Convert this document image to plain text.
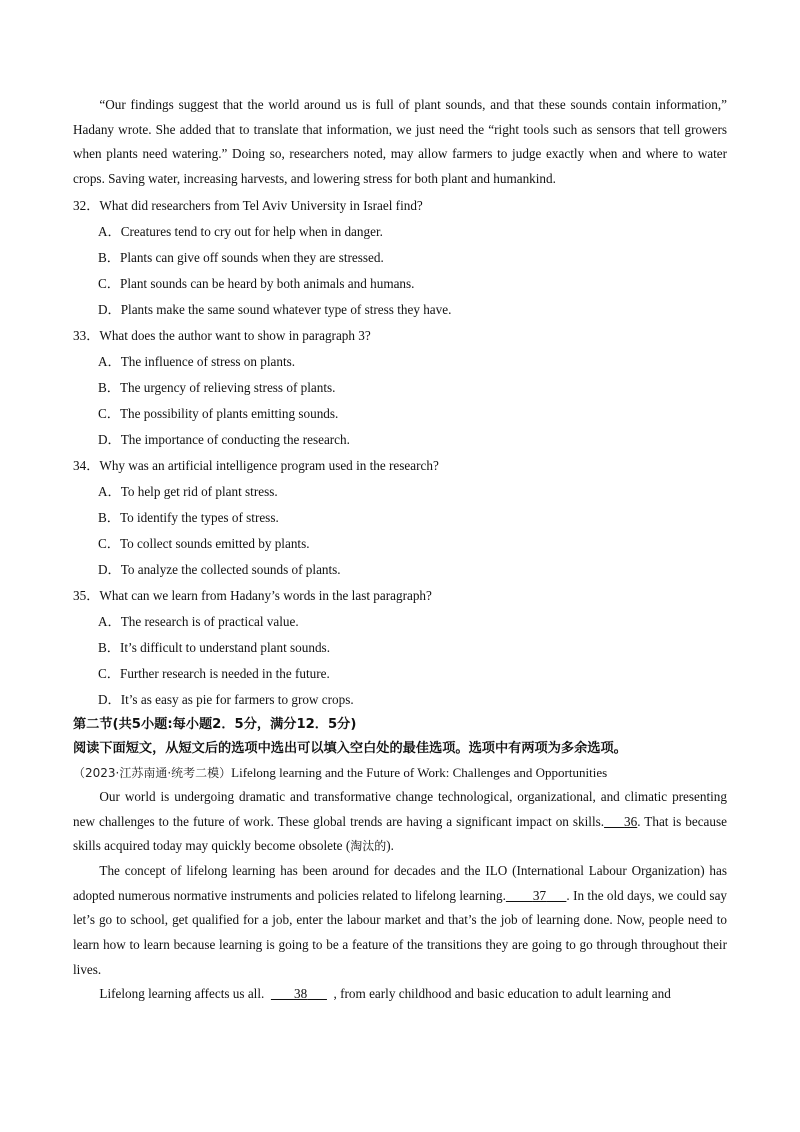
“Our findings suggest that the world around us is full of plant sounds, and that these sounds contain information,” Hadany wrote. She added that to translate that information, we just need the “right tools such as sensors that tell growers when plants need watering.” Doing so, researchers noted, may allow farmers to judge exactly when and where to water crops. Saving water, increasing harvests, and lowering stress for both plant and humankind.

32．What did researchers from Tel Aviv University in Israel find?

A．Creatures tend to cry out for help when in danger.

B．Plants can give off sounds when they are stressed.

C．Plant sounds can be heard by both animals and humans.

D．Plants make the same sound whatever type of stress they have.

33．What does the author want to show in paragraph 3?

A．The influence of stress on plants.

B．The urgency of relieving stress of plants.

C．The possibility of plants emitting sounds.

D．The importance of conducting the research.

34．Why was an artificial intelligence program used in the research?

A．To help get rid of plant stress.

B．To identify the types of stress.

C．To collect sounds emitted by plants.

D．To analyze the collected sounds of plants.

35．What can we learn from Hadany’s words in the last paragraph?

A．The research is of practical value.

B．It’s difficult to understand plant sounds.

C．Further research is needed in the future.

D．It’s as easy as pie for farmers to grow crops.

第二节(共5小题:每小题2．5分，满分12．5分)

阅读下面短文，从短文后的选项中选出可以填入空白处的最佳选项。选项中有两项为多余选项。

（2023·江苏南通·统考二模）Lifelong learning and the Future of Work: Challenges and Opportunities

Our world is undergoing dramatic and transformative change technological, organizational, and climatic presenting new challenges to the future of work. These global trends are having a significant impact on skills. 36. That is because skills acquired today may quickly become obsolete (淘汰的).

The concept of lifelong learning has been around for decades and the ILO (International Labour Organization) has adopted numerous normative instruments and policies related to lifelong learning. 37 . In the old days, we could say let’s go to school, get qualified for a job, enter the labour market and that’s the job of learning done. Now, people need to learn how to learn because learning is going to be a feature of the transitions they are going to go through throughout their lives.

Lifelong learning affects us all. 38 , from early childhood and basic education to adult learning and
